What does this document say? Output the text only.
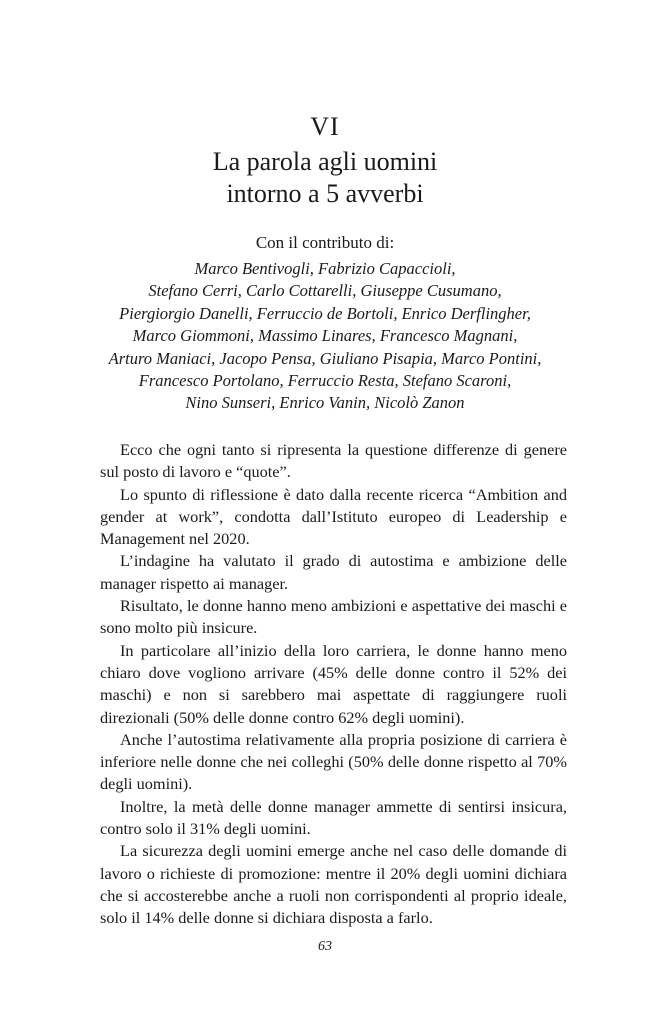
VI
La parola agli uomini
intorno a 5 avverbi
Con il contributo di:
Marco Bentivogli, Fabrizio Capaccioli,
Stefano Cerri, Carlo Cottarelli, Giuseppe Cusumano,
Piergiorgio Danelli, Ferruccio de Bortoli, Enrico Derflingher,
Marco Giommoni, Massimo Linares, Francesco Magnani,
Arturo Maniaci, Jacopo Pensa, Giuliano Pisapia, Marco Pontini,
Francesco Portolano, Ferruccio Resta, Stefano Scaroni,
Nino Sunseri, Enrico Vanin, Nicolò Zanon

Ecco che ogni tanto si ripresenta la questione differenze di genere sul posto di lavoro e “quote”.

Lo spunto di riflessione è dato dalla recente ricerca “Ambition and gender at work”, condotta dall’Istituto europeo di Leadership e Management nel 2020.

L’indagine ha valutato il grado di autostima e ambizione delle manager rispetto ai manager.

Risultato, le donne hanno meno ambizioni e aspettative dei maschi e sono molto più insicure.

In particolare all’inizio della loro carriera, le donne hanno meno chiaro dove vogliono arrivare (45% delle donne contro il 52% dei maschi) e non si sarebbero mai aspettate di raggiungere ruoli direzionali (50% delle donne contro 62% degli uomini).

Anche l’autostima relativamente alla propria posizione di carriera è inferiore nelle donne che nei colleghi (50% delle donne rispetto al 70% degli uomini).

Inoltre, la metà delle donne manager ammette di sentirsi insicura, contro solo il 31% degli uomini.

La sicurezza degli uomini emerge anche nel caso delle domande di lavoro o richieste di promozione: mentre il 20% degli uomini dichiara che si accosterebbe anche a ruoli non corrispondenti al proprio ideale, solo il 14% delle donne si dichiara disposta a farlo.

63
